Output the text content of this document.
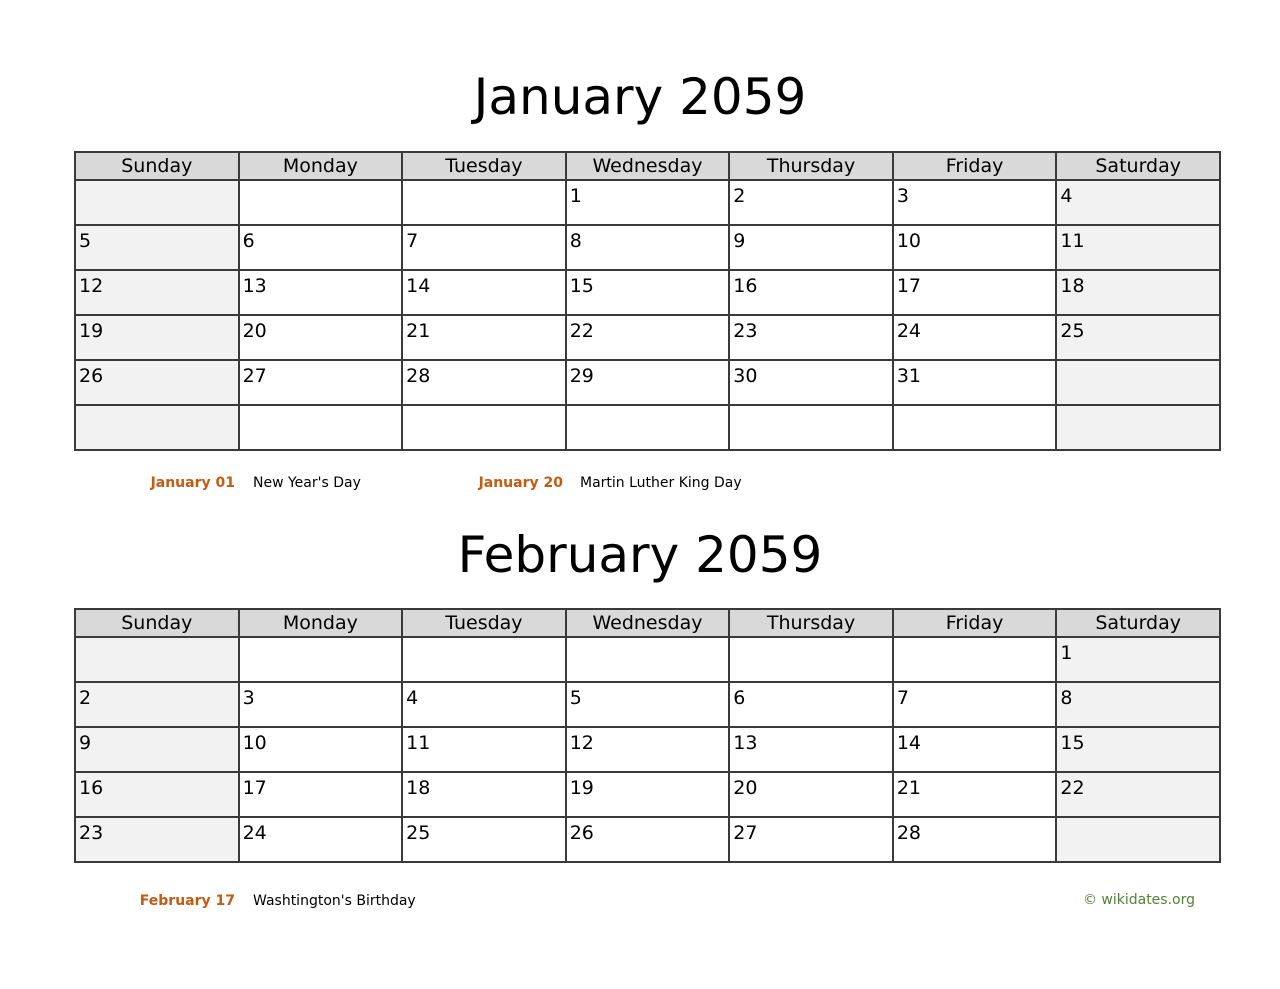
January 2059
Sunday	Monday	Tuesday	Wednesday	Thursday	Friday	Saturday

			1	2	3	4

5	6	7	8	9	10	11

12	13	14	15	16	17	18

19	20	21	22	23	24	25

26	27	28	29	30	31	

January 01 New Year's Day	January 20 Martin Luther King Day
February 2059
Sunday	Monday	Tuesday	Wednesday	Thursday	Friday	Saturday

						1

2	3	4	5	6	7	8

9	10	11	12	13	14	15

16	17	18	19	20	21	22

23	24	25	26	27	28	

February 17 Washtington's Birthday	© wikidates.org
